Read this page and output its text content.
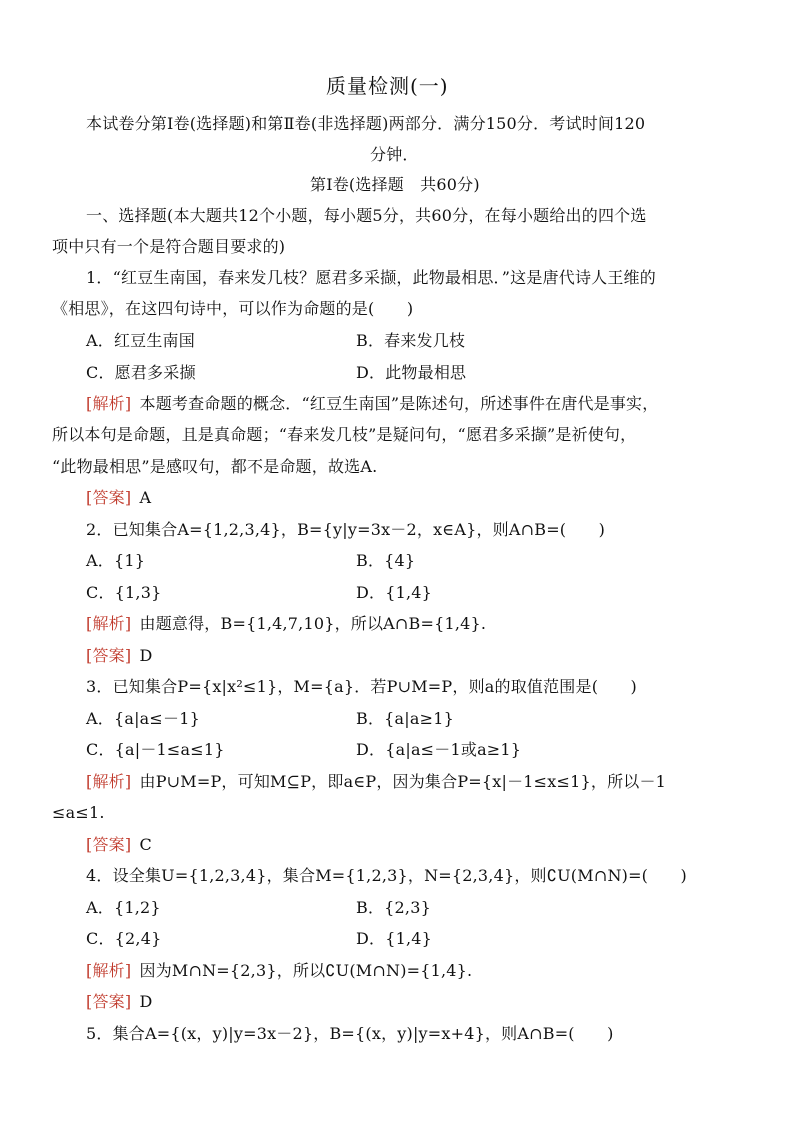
质量检测(一)
本试卷分第Ⅰ卷(选择题)和第Ⅱ卷(非选择题)两部分．满分150分．考试时间120
分钟．
第Ⅰ卷(选择题　共60分)
一、选择题(本大题共12个小题，每小题5分，共60分，在每小题给出的四个选
项中只有一个是符合题目要求的)
1．“红豆生南国，春来发几枝？愿君多采撷，此物最相思．”这是唐代诗人王维的
《相思》，在这四句诗中，可以作为命题的是(　　)
A．红豆生南国	B．春来发几枝
C．愿君多采撷	D．此物最相思
[解析]  本题考查命题的概念．“红豆生南国”是陈述句，所述事件在唐代是事实，
所以本句是命题，且是真命题；“春来发几枝”是疑问句，“愿君多采撷”是祈使句，
“此物最相思”是感叹句，都不是命题，故选A.
[答案]  A
2．已知集合A={1,2,3,4}，B={y|y=3x－2，x∈A}，则A∩B=(　　)
A．{1}	B．{4}
C．{1,3}	D．{1,4}
[解析]  由题意得，B={1,4,7,10}，所以A∩B={1,4}.
[答案]  D
3．已知集合P={x|x²≤1}，M={a}．若P∪M=P，则a的取值范围是(　　)
A．{a|a≤－1}	B．{a|a≥1}
C．{a|－1≤a≤1}	D．{a|a≤－1或a≥1}
[解析]  由P∪M=P，可知M⊆P，即a∈P，因为集合P={x|－1≤x≤1}，所以－1
≤a≤1.
[答案]  C
4．设全集U={1,2,3,4}，集合M={1,2,3}，N={2,3,4}，则∁U(M∩N)=(　　)
A．{1,2}	B．{2,3}
C．{2,4}	D．{1,4}
[解析]  因为M∩N={2,3}，所以∁U(M∩N)={1,4}.
[答案]  D
5．集合A={(x，y)|y=3x－2}，B={(x，y)|y=x+4}，则A∩B=(　　)
